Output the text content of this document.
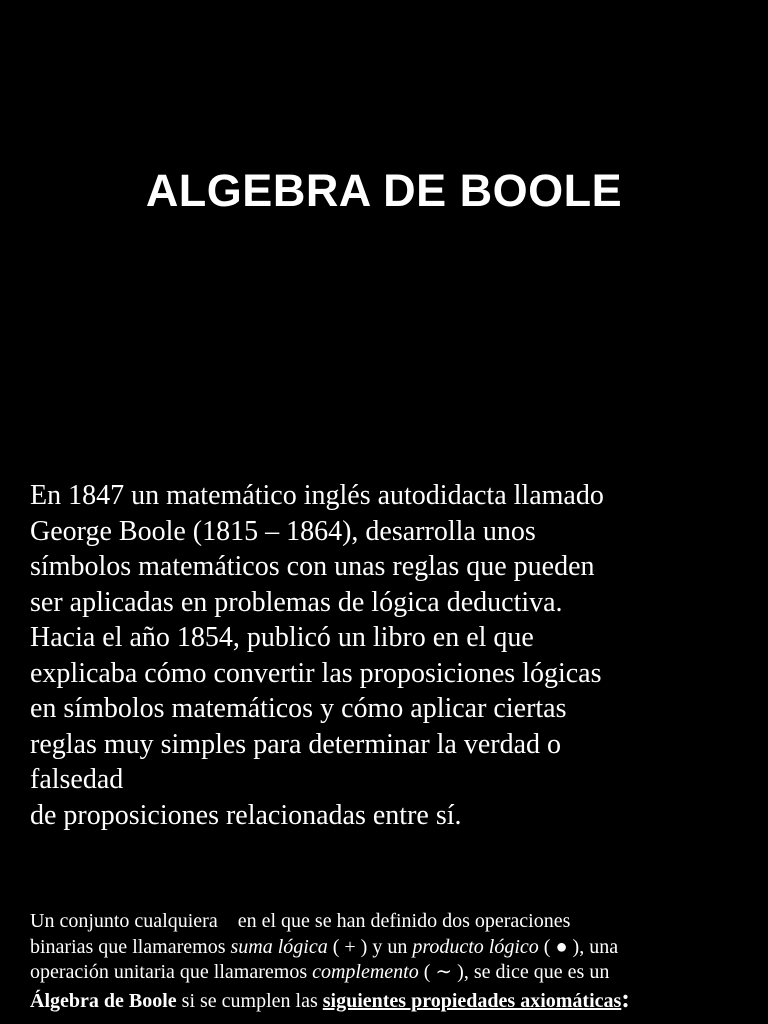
ALGEBRA DE BOOLE
En 1847 un matemático inglés autodidacta llamado
George Boole (1815 – 1864), desarrolla unos
símbolos matemáticos con unas reglas que pueden
ser aplicadas en problemas de lógica deductiva.
Hacia el año 1854, publicó un libro en el que
explicaba cómo convertir las proposiciones lógicas
en símbolos matemáticos y cómo aplicar ciertas
reglas muy simples para determinar la verdad o
falsedad
de proposiciones relacionadas entre sí.
Un conjunto cualquiera en el que se han definido dos operaciones
binarias que llamaremos suma lógica ( + ) y un producto lógico ( ● ), una
operación unitaria que llamaremos complemento ( ∼ ), se dice que es un
Álgebra de Boole si se cumplen las siguientes propiedades axiomáticas:
